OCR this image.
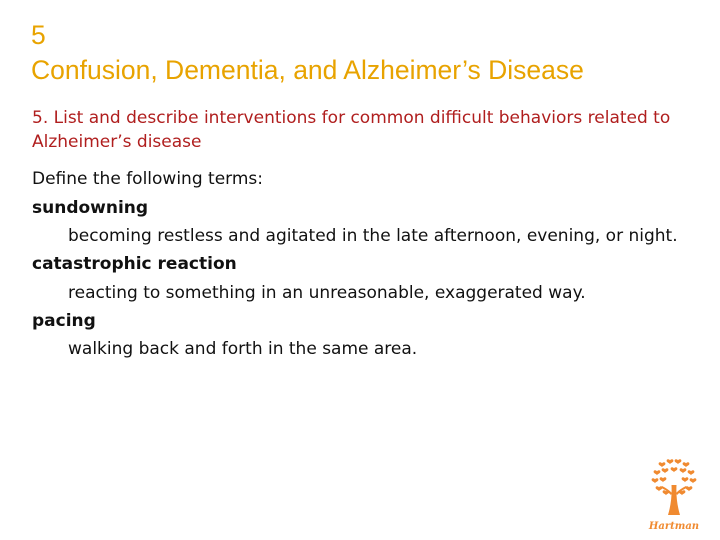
5
Confusion, Dementia, and Alzheimer’s Disease
5. List and describe interventions for common difficult behaviors related to Alzheimer’s disease
Define the following terms:
sundowning
becoming restless and agitated in the late afternoon, evening, or night.
catastrophic reaction
reacting to something in an unreasonable, exaggerated way.
pacing
walking back and forth in the same area.
Hartman
